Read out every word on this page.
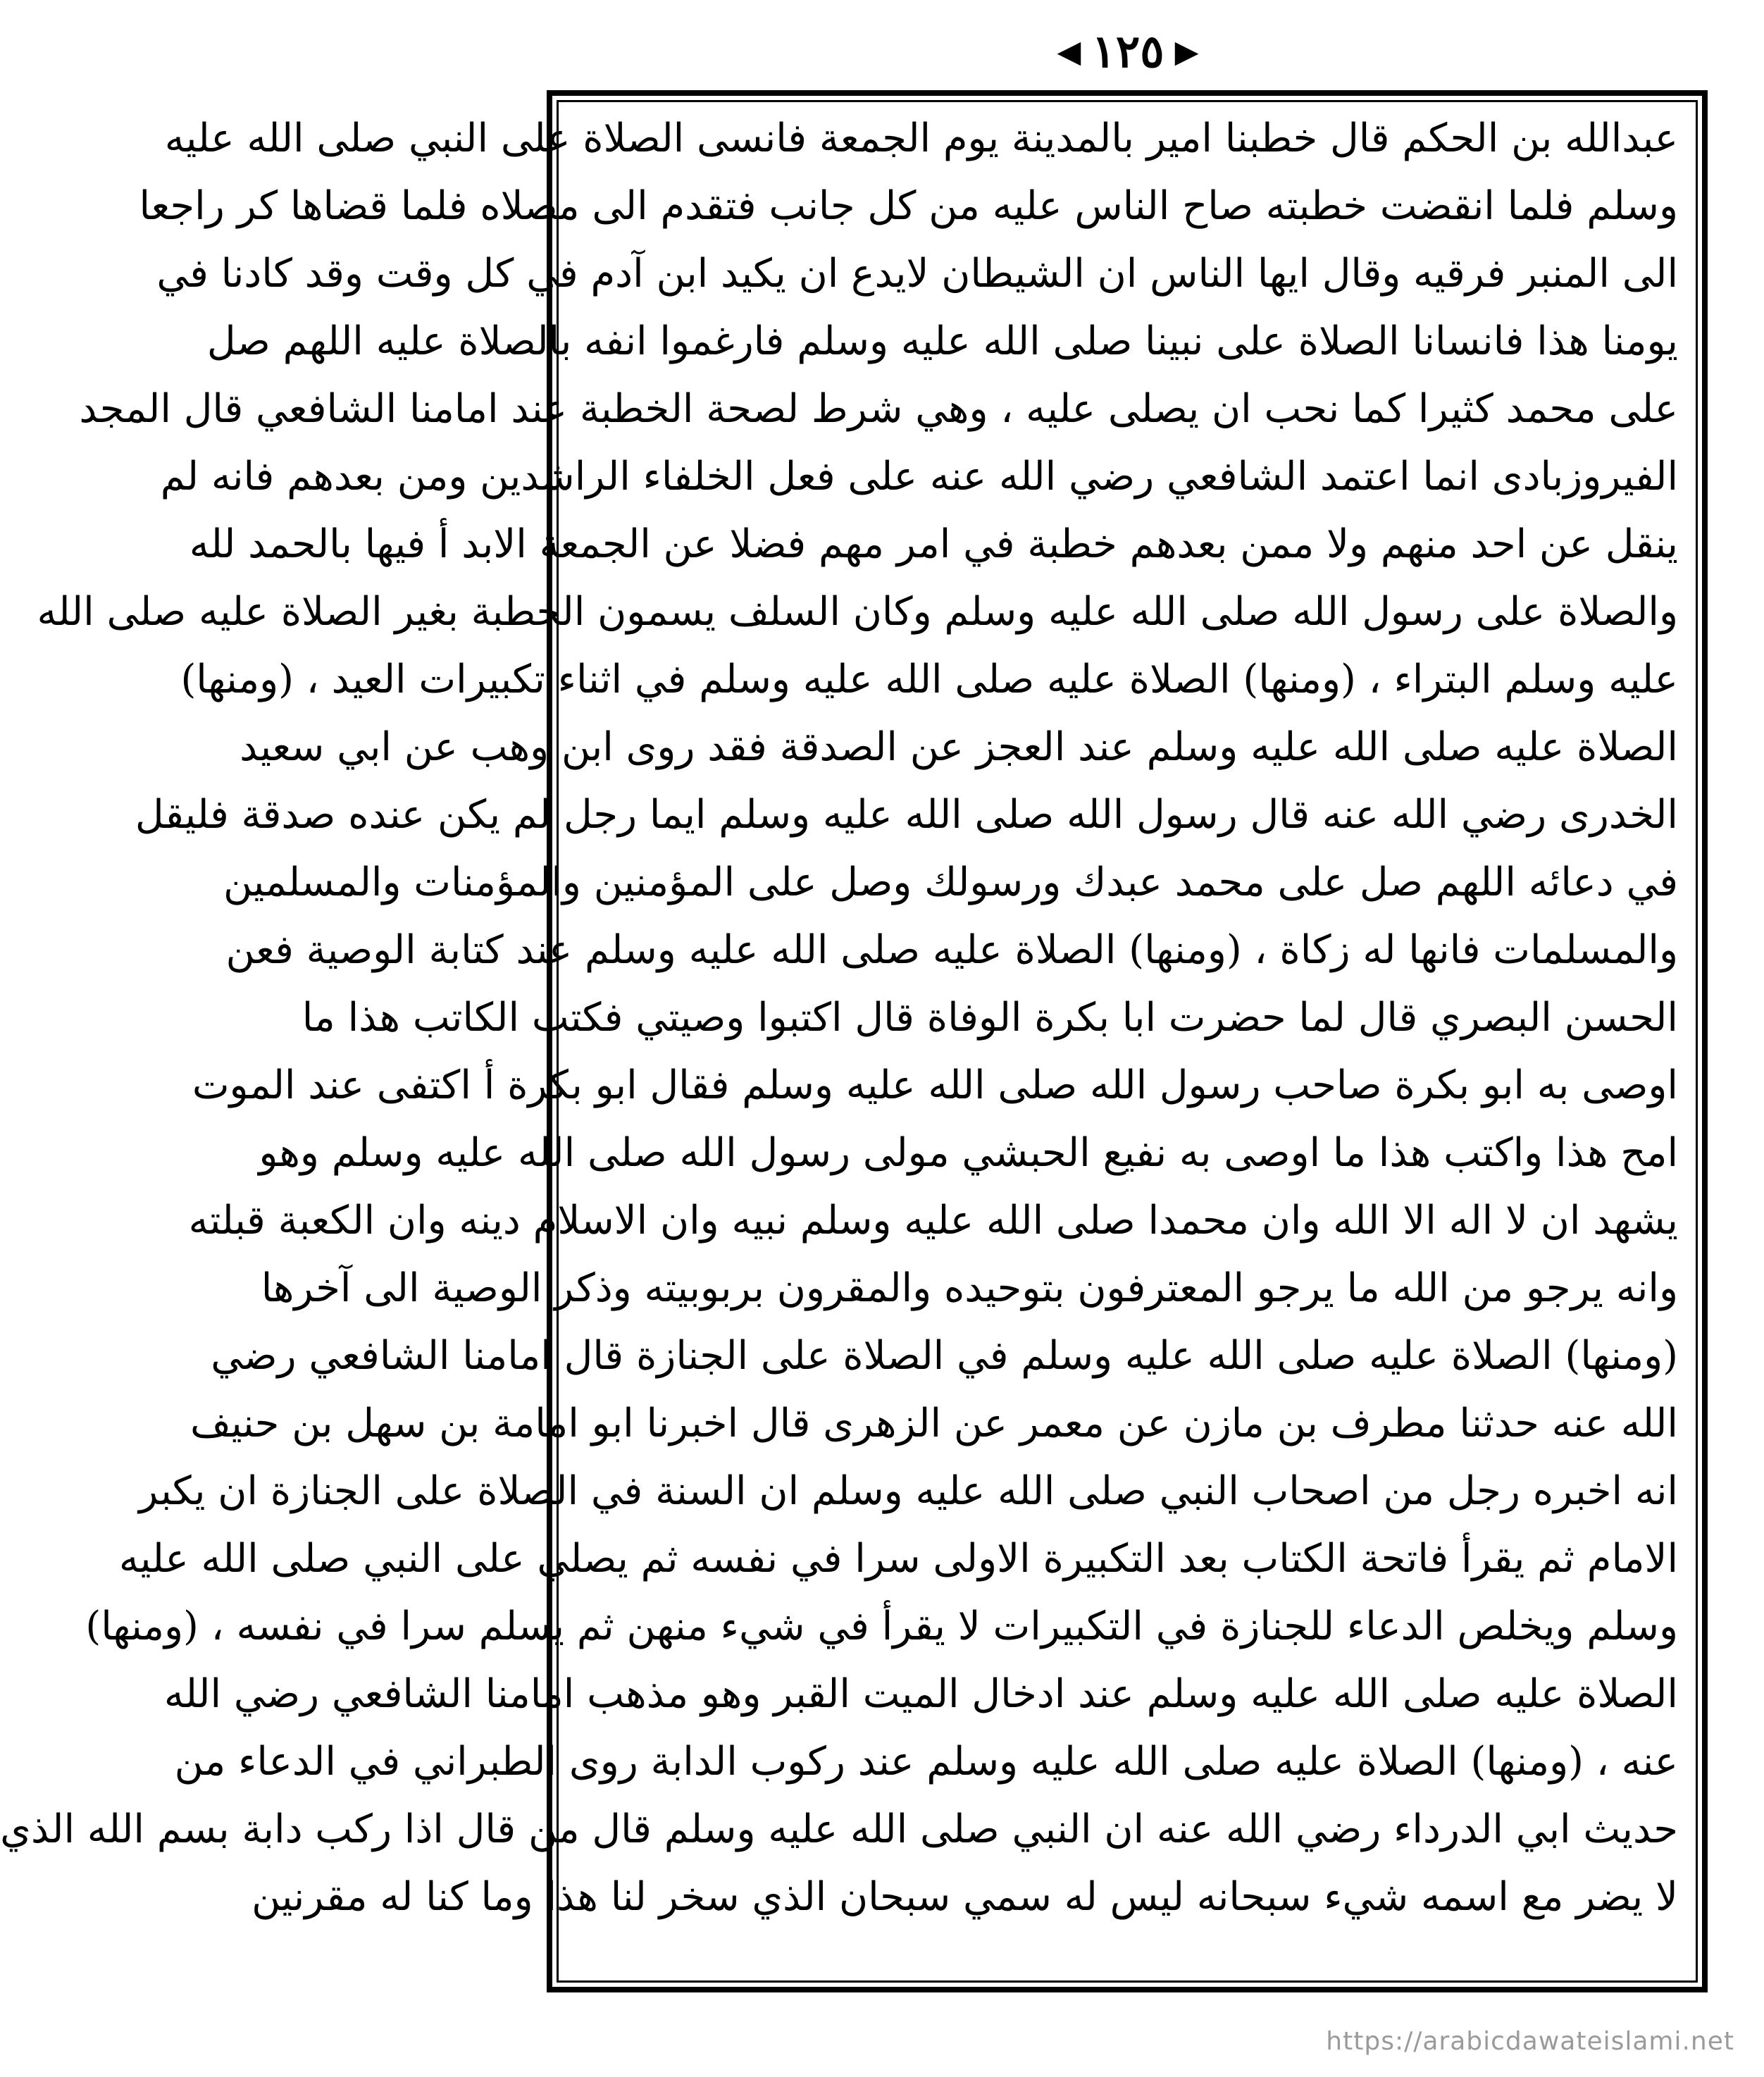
◀ ١٢٥ ▶
عبدالله بن الحكم قال خطبنا امير بالمدينة يوم الجمعة فانسى الصلاة على النبي صلى الله عليه
وسلم فلما انقضت خطبته صاح الناس عليه من كل جانب فتقدم الى مصلاه فلما قضاها كر راجعا
الى المنبر فرقيه وقال ايها الناس ان الشيطان لايدع ان يكيد ابن آدم في كل وقت وقد كادنا في
يومنا هذا فانسانا الصلاة على نبينا صلى الله عليه وسلم فارغموا انفه بالصلاة عليه اللهم صل
على محمد كثيرا كما نحب ان يصلى عليه ، وهي شرط لصحة الخطبة عند امامنا الشافعي قال المجد
الفيروزبادى انما اعتمد الشافعي رضي الله عنه على فعل الخلفاء الراشدين ومن بعدهم فانه لم
ينقل عن احد منهم ولا ممن بعدهم خطبة في امر مهم فضلا عن الجمعة الابد أ فيها بالحمد لله
والصلاة على رسول الله صلى الله عليه وسلم وكان السلف يسمون الخطبة بغير الصلاة عليه صلى الله
عليه وسلم البتراء ، (ومنها) الصلاة عليه صلى الله عليه وسلم في اثناء تكبيرات العيد ، (ومنها)
الصلاة عليه صلى الله عليه وسلم عند العجز عن الصدقة فقد روى ابن وهب عن ابي سعيد
الخدرى رضي الله عنه قال رسول الله صلى الله عليه وسلم ايما رجل لم يكن عنده صدقة فليقل
في دعائه اللهم صل على محمد عبدك ورسولك وصل على المؤمنين والمؤمنات والمسلمين
والمسلمات فانها له زكاة ، (ومنها) الصلاة عليه صلى الله عليه وسلم عند كتابة الوصية فعن
الحسن البصري قال لما حضرت ابا بكرة الوفاة قال اكتبوا وصيتي فكتب الكاتب هذا ما
اوصى به ابو بكرة صاحب رسول الله صلى الله عليه وسلم فقال ابو بكرة أ اكتفى عند الموت
امح هذا واكتب هذا ما اوصى به نفيع الحبشي مولى رسول الله صلى الله عليه وسلم وهو
يشهد ان لا اله الا الله وان محمدا صلى الله عليه وسلم نبيه وان الاسلام دينه وان الكعبة قبلته
وانه يرجو من الله ما يرجو المعترفون بتوحيده والمقرون بربوبيته وذكر الوصية الى آخرها
(ومنها) الصلاة عليه صلى الله عليه وسلم في الصلاة على الجنازة قال امامنا الشافعي رضي
الله عنه حدثنا مطرف بن مازن عن معمر عن الزهرى قال اخبرنا ابو امامة بن سهل بن حنيف
انه اخبره رجل من اصحاب النبي صلى الله عليه وسلم ان السنة في الصلاة على الجنازة ان يكبر
الامام ثم يقرأ فاتحة الكتاب بعد التكبيرة الاولى سرا في نفسه ثم يصلي على النبي صلى الله عليه
وسلم ويخلص الدعاء للجنازة في التكبيرات لا يقرأ في شيء منهن ثم يسلم سرا في نفسه ، (ومنها)
الصلاة عليه صلى الله عليه وسلم عند ادخال الميت القبر وهو مذهب امامنا الشافعي رضي الله
عنه ، (ومنها) الصلاة عليه صلى الله عليه وسلم عند ركوب الدابة روى الطبراني في الدعاء من
حديث ابي الدرداء رضي الله عنه ان النبي صلى الله عليه وسلم قال من قال اذا ركب دابة بسم الله الذي
لا يضر مع اسمه شيء سبحانه ليس له سمي سبحان الذي سخر لنا هذا وما كنا له مقرنين
https://arabicdawateislami.net
